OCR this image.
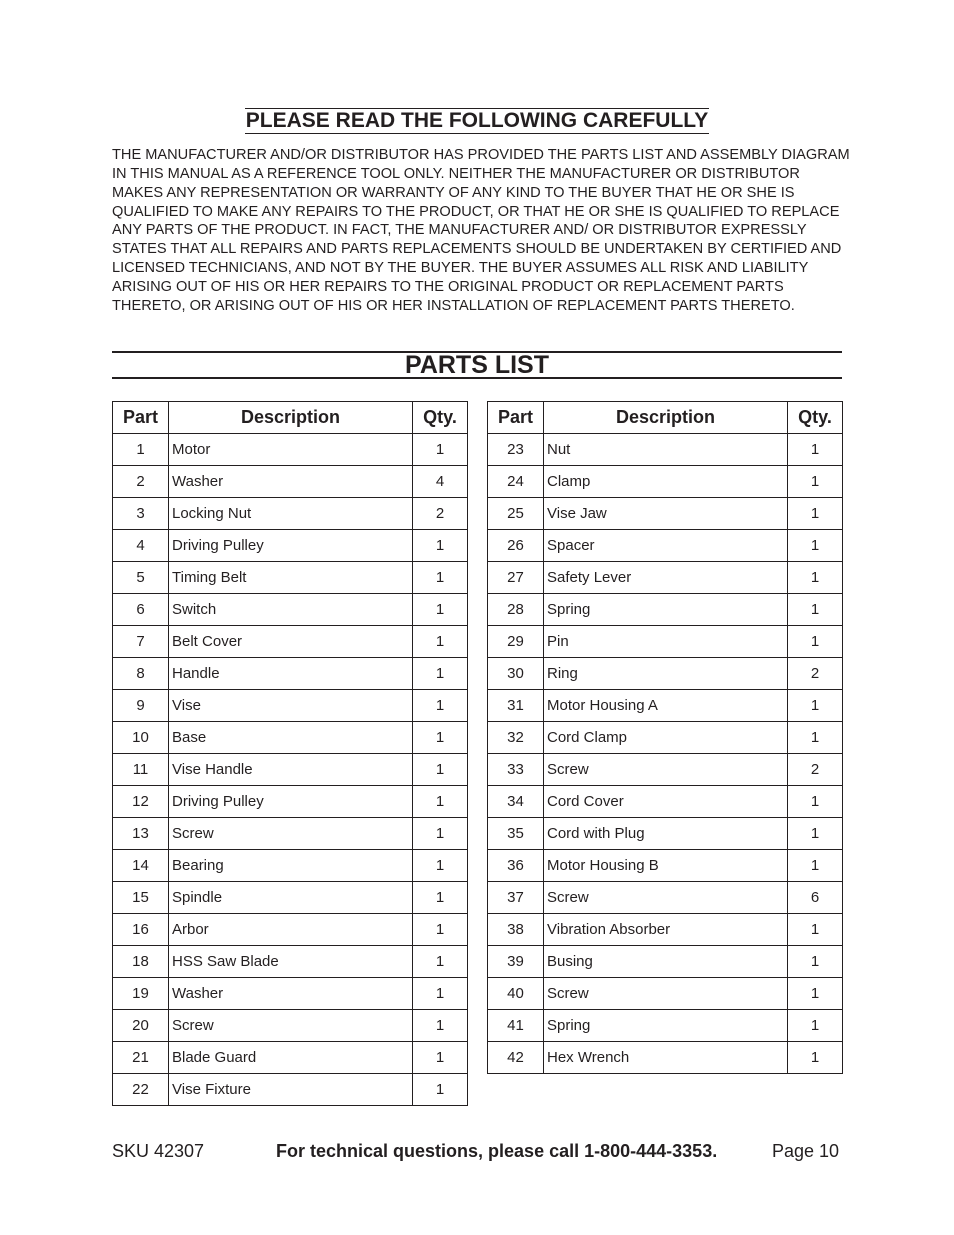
PLEASE READ THE FOLLOWING CAREFULLY

THE MANUFACTURER AND/OR DISTRIBUTOR HAS PROVIDED THE PARTS LIST AND ASSEMBLY DIAGRAM IN THIS MANUAL AS A REFERENCE TOOL ONLY. NEITHER THE MANUFACTURER OR DISTRIBUTOR MAKES ANY REPRESENTATION OR WARRANTY OF ANY KIND TO THE BUYER THAT HE OR SHE IS QUALIFIED TO MAKE ANY REPAIRS TO THE PRODUCT, OR THAT HE OR SHE IS QUALIFIED TO REPLACE ANY PARTS OF THE PRODUCT. IN FACT, THE MANUFACTURER AND/ OR DISTRIBUTOR EXPRESSLY STATES THAT ALL REPAIRS AND PARTS REPLACEMENTS SHOULD BE UNDERTAKEN BY CERTIFIED AND LICENSED TECHNICIANS, AND NOT BY THE BUYER. THE BUYER ASSUMES ALL RISK AND LIABILITY ARISING OUT OF HIS OR HER REPAIRS TO THE ORIGINAL PRODUCT OR REPLACEMENT PARTS THERETO, OR ARISING OUT OF HIS OR HER INSTALLATION OF REPLACEMENT PARTS THERETO.

PARTS LIST
Part	Description	Qty.
1	Motor	1
2	Washer	4
3	Locking Nut	2
4	Driving Pulley	1
5	Timing Belt	1
6	Switch	1
7	Belt Cover	1
8	Handle	1
9	Vise	1
10	Base	1
11	Vise Handle	1
12	Driving Pulley	1
13	Screw	1
14	Bearing	1
15	Spindle	1
16	Arbor	1
18	HSS Saw Blade	1
19	Washer	1
20	Screw	1
21	Blade Guard	1
22	Vise Fixture	1
Part	Description	Qty.
23	Nut	1
24	Clamp	1
25	Vise Jaw	1
26	Spacer	1
27	Safety Lever	1
28	Spring	1
29	Pin	1
30	Ring	2
31	Motor Housing A	1
32	Cord Clamp	1
33	Screw	2
34	Cord Cover	1
35	Cord with Plug	1
36	Motor Housing B	1
37	Screw	6
38	Vibration Absorber	1
39	Busing	1
40	Screw	1
41	Spring	1
42	Hex Wrench	1
SKU 42307	For technical questions, please call 1-800-444-3353.	Page 10
